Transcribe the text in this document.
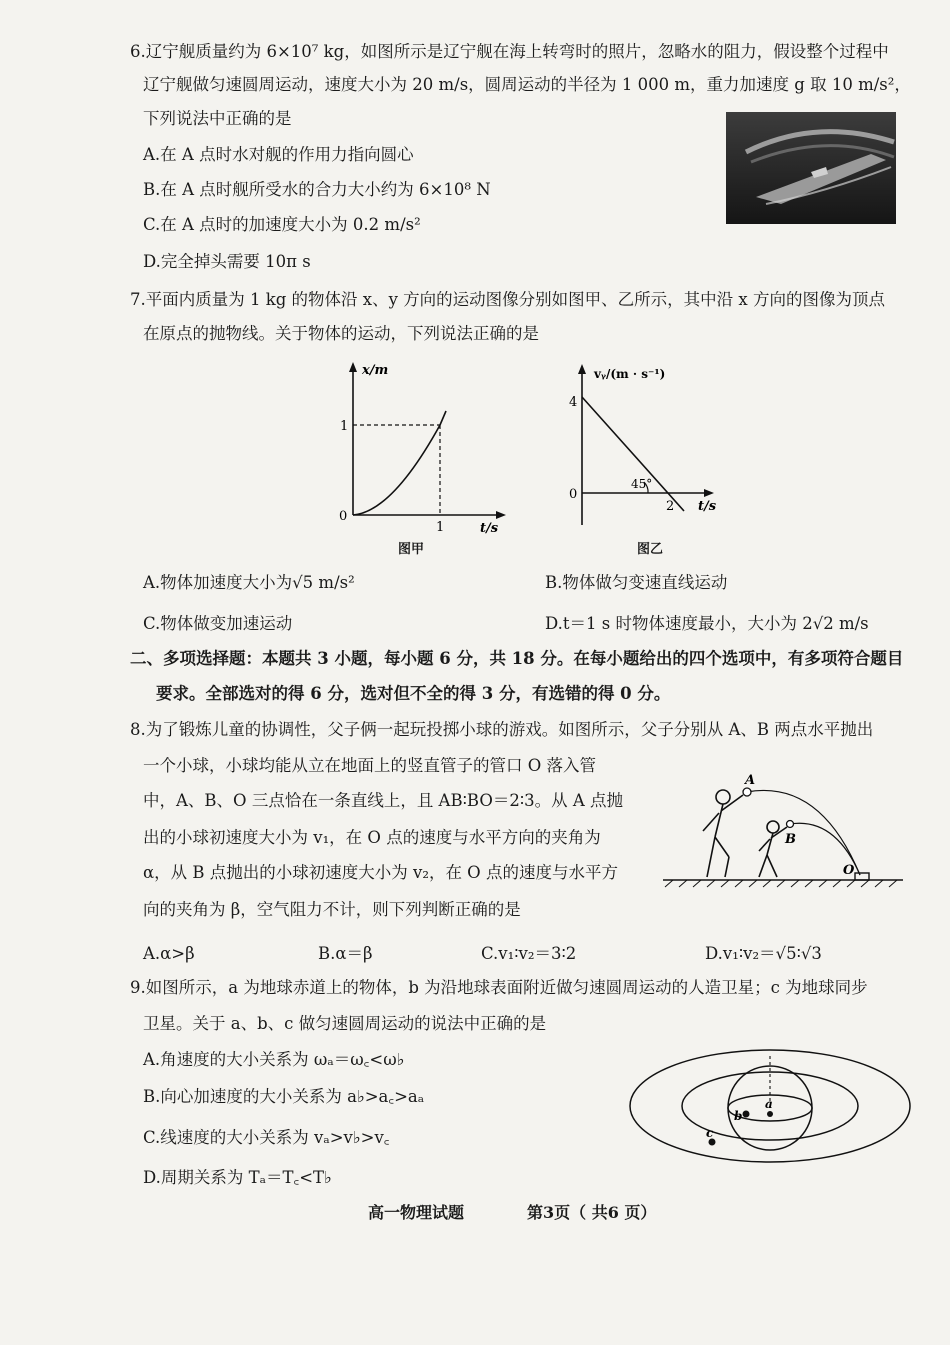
6.辽宁舰质量约为 6×10⁷ kg，如图所示是辽宁舰在海上转弯时的照片，忽略水的阻力，假设整个过程中
辽宁舰做匀速圆周运动，速度大小为 20 m/s，圆周运动的半径为 1 000 m，重力加速度 g 取 10 m/s²，
下列说法中正确的是
A.在 A 点时水对舰的作用力指向圆心
B.在 A 点时舰所受水的合力大小约为 6×10⁸ N
C.在 A 点时的加速度大小为 0.2 m/s²
D.完全掉头需要 10π s
7.平面内质量为 1 kg 的物体沿 x、y 方向的运动图像分别如图甲、乙所示，其中沿 x 方向的图像为顶点
在原点的抛物线。关于物体的运动，下列说法正确的是
x/m
1
0
1	t/s
图甲
vᵧ/(m · s⁻¹)
4
0
45°
2 t/s
图乙
A.物体加速度大小为√5 m/s²	B.物体做匀变速直线运动
C.物体做变加速运动	D.t＝1 s 时物体速度最小，大小为 2√2 m/s
二、多项选择题：本题共 3 小题，每小题 6 分，共 18 分。在每小题给出的四个选项中，有多项符合题目
要求。全部选对的得 6 分，选对但不全的得 3 分，有选错的得 0 分。
8.为了锻炼儿童的协调性，父子俩一起玩投掷小球的游戏。如图所示，父子分别从 A、B 两点水平抛出
一个小球，小球均能从立在地面上的竖直管子的管口 O 落入管
中，A、B、O 三点恰在一条直线上，且 AB∶BO＝2∶3。从 A 点抛
出的小球初速度大小为 v₁，在 O 点的速度与水平方向的夹角为
α，从 B 点抛出的小球初速度大小为 v₂，在 O 点的速度与水平方
向的夹角为 β，空气阻力不计，则下列判断正确的是
A
B
O
A.α>β	B.α＝β	C.v₁∶v₂＝3∶2	D.v₁∶v₂＝√5∶√3
9.如图所示，a 为地球赤道上的物体，b 为沿地球表面附近做匀速圆周运动的人造卫星；c 为地球同步
卫星。关于 a、b、c 做匀速圆周运动的说法中正确的是
A.角速度的大小关系为 ωₐ＝ω꜀<ω♭
B.向心加速度的大小关系为 a♭>a꜀>aₐ
C.线速度的大小关系为 vₐ>v♭>v꜀
D.周期关系为 Tₐ＝T꜀<T♭
a
b
c
高一物理试题	第3页（ 共6 页）
